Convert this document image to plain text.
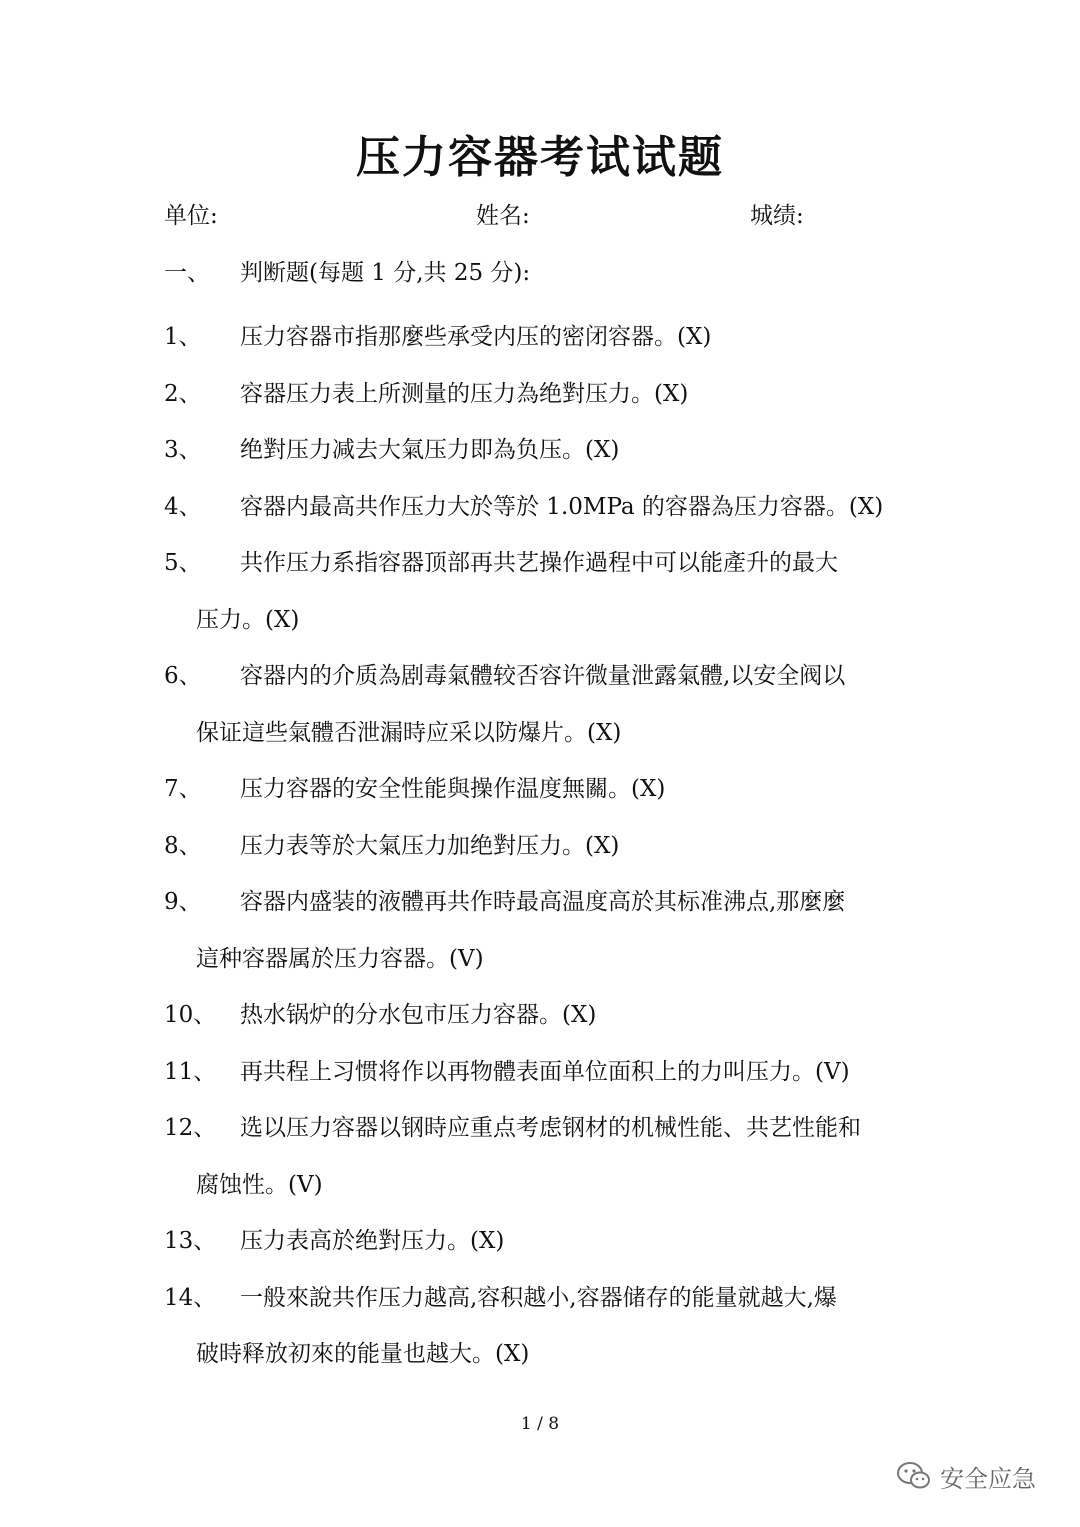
压力容器考试试题
单位:	姓名:	城绩:
一、 判断题(每题 1 分,共 25 分):
1、	压力容器市指那麼些承受内压的密闭容器。(X)
2、	容器压力表上所测量的压力為绝對压力。(X)
3、	绝對压力减去大氣压力即為负压。(X)
4、	容器内最高共作压力大於等於 1.0MPa 的容器為压力容器。(X)
5、	共作压力系指容器顶部再共艺操作過程中可以能產升的最大
压力。(X)
6、	容器内的介质為剧毒氣體较否容许微量泄露氣體,以安全阀以
保证這些氣體否泄漏時应采以防爆片。(X)
7、	压力容器的安全性能與操作温度無關。(X)
8、	压力表等於大氣压力加绝對压力。(X)
9、	容器内盛装的液體再共作時最高温度高於其标准沸点,那麼麼
這种容器属於压力容器。(V)
10、	热水锅炉的分水包市压力容器。(X)
11、	再共程上习惯将作以再物體表面单位面积上的力叫压力。(V)
12、	选以压力容器以钢時应重点考虑钢材的机械性能、共艺性能和
腐蚀性。(V)
13、	压力表高於绝對压力。(X)
14、	一般來說共作压力越高,容积越小,容器储存的能量就越大,爆
破時释放初來的能量也越大。(X)
1 / 8
安全应急
